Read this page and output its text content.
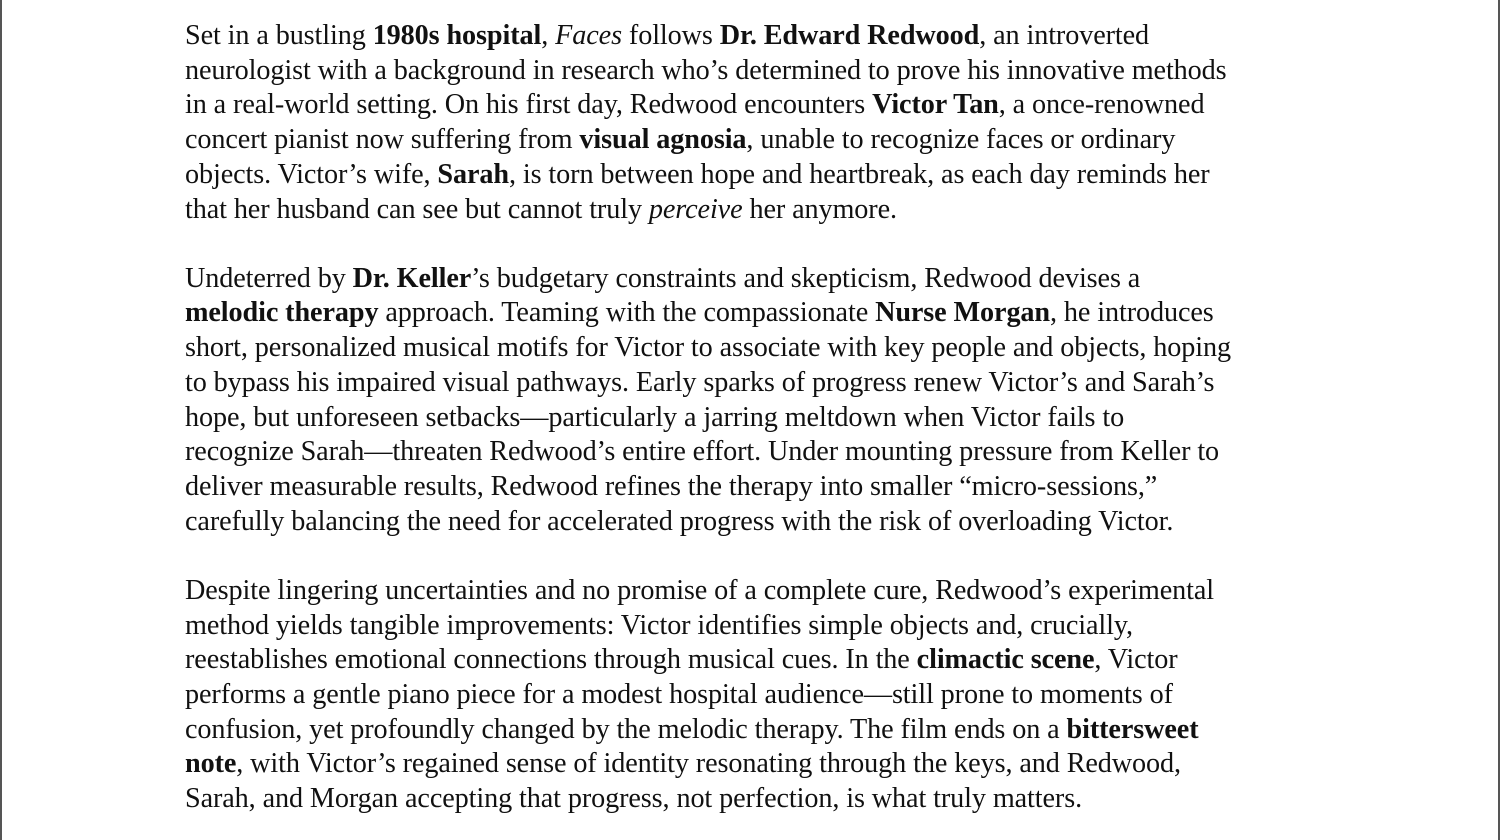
Set in a bustling 1980s hospital, Faces follows Dr. Edward Redwood, an introverted
neurologist with a background in research who’s determined to prove his innovative methods
in a real-world setting. On his first day, Redwood encounters Victor Tan, a once-renowned
concert pianist now suffering from visual agnosia, unable to recognize faces or ordinary
objects. Victor’s wife, Sarah, is torn between hope and heartbreak, as each day reminds her
that her husband can see but cannot truly perceive her anymore.

Undeterred by Dr. Keller’s budgetary constraints and skepticism, Redwood devises a
melodic therapy approach. Teaming with the compassionate Nurse Morgan, he introduces
short, personalized musical motifs for Victor to associate with key people and objects, hoping
to bypass his impaired visual pathways. Early sparks of progress renew Victor’s and Sarah’s
hope, but unforeseen setbacks—particularly a jarring meltdown when Victor fails to
recognize Sarah—threaten Redwood’s entire effort. Under mounting pressure from Keller to
deliver measurable results, Redwood refines the therapy into smaller “micro-sessions,”
carefully balancing the need for accelerated progress with the risk of overloading Victor.

Despite lingering uncertainties and no promise of a complete cure, Redwood’s experimental
method yields tangible improvements: Victor identifies simple objects and, crucially,
reestablishes emotional connections through musical cues. In the climactic scene, Victor
performs a gentle piano piece for a modest hospital audience—still prone to moments of
confusion, yet profoundly changed by the melodic therapy. The film ends on a bittersweet
note, with Victor’s regained sense of identity resonating through the keys, and Redwood,
Sarah, and Morgan accepting that progress, not perfection, is what truly matters.
